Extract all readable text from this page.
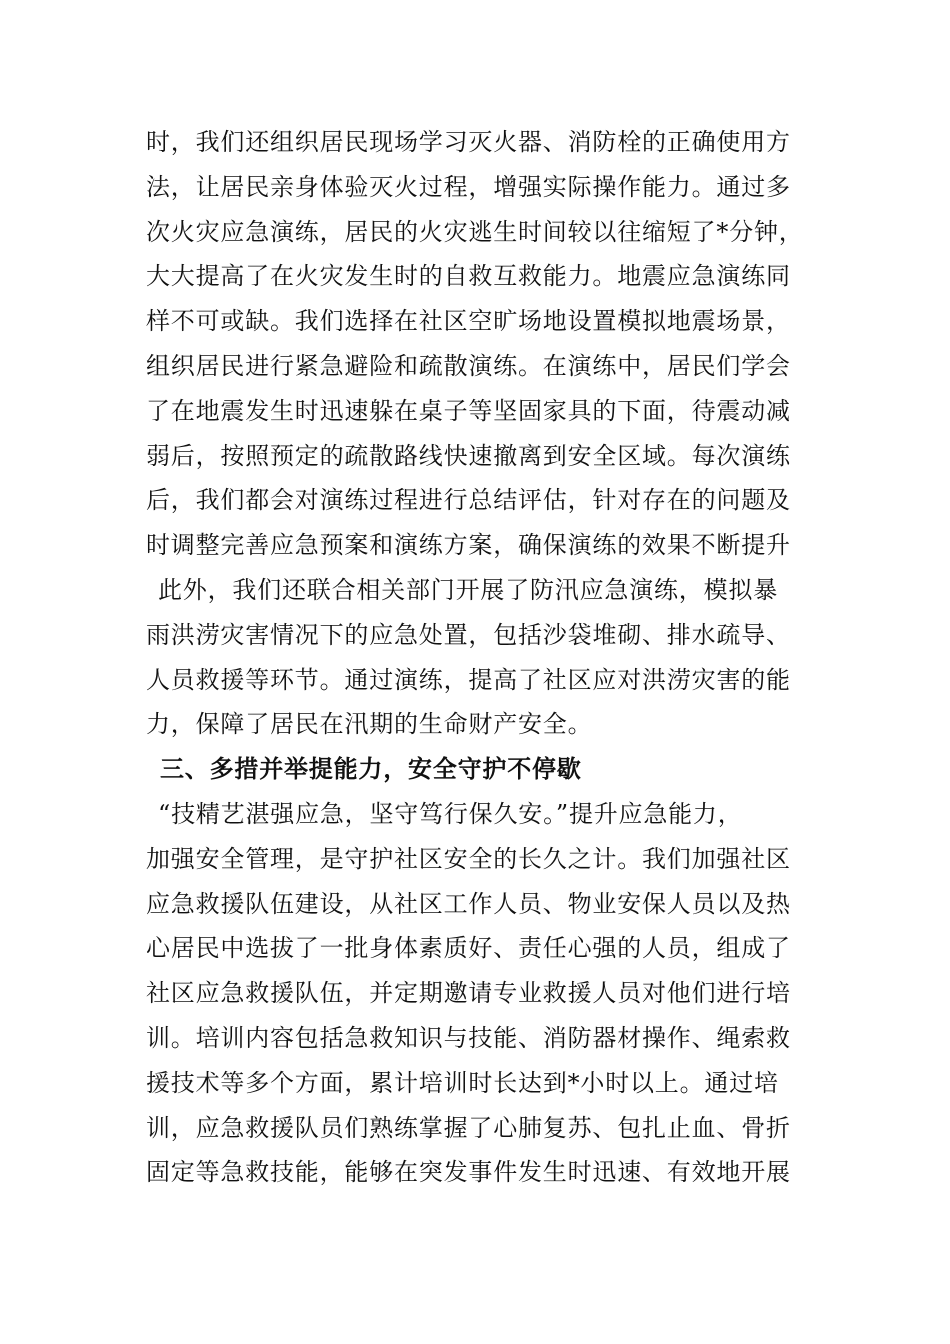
时，我们还组织居民现场学习灭火器、消防栓的正确使用方
法，让居民亲身体验灭火过程，增强实际操作能力。通过多
次火灾应急演练，居民的火灾逃生时间较以往缩短了*分钟，
大大提高了在火灾发生时的自救互救能力。地震应急演练同
样不可或缺。我们选择在社区空旷场地设置模拟地震场景，
组织居民进行紧急避险和疏散演练。在演练中，居民们学会
了在地震发生时迅速躲在桌子等坚固家具的下面，待震动减
弱后，按照预定的疏散路线快速撤离到安全区域。每次演练
后，我们都会对演练过程进行总结评估，针对存在的问题及
时调整完善应急预案和演练方案，确保演练的效果不断提升
此外，我们还联合相关部门开展了防汛应急演练，模拟暴
雨洪涝灾害情况下的应急处置，包括沙袋堆砌、排水疏导、
人员救援等环节。通过演练，提高了社区应对洪涝灾害的能
力，保障了居民在汛期的生命财产安全。
三、多措并举提能力，安全守护不停歇
“技精艺湛强应急，坚守笃行保久安。”提升应急能力，
加强安全管理，是守护社区安全的长久之计。我们加强社区
应急救援队伍建设，从社区工作人员、物业安保人员以及热
心居民中选拔了一批身体素质好、责任心强的人员，组成了
社区应急救援队伍，并定期邀请专业救援人员对他们进行培
训。培训内容包括急救知识与技能、消防器材操作、绳索救
援技术等多个方面，累计培训时长达到*小时以上。通过培
训，应急救援队员们熟练掌握了心肺复苏、包扎止血、骨折
固定等急救技能，能够在突发事件发生时迅速、有效地开展
